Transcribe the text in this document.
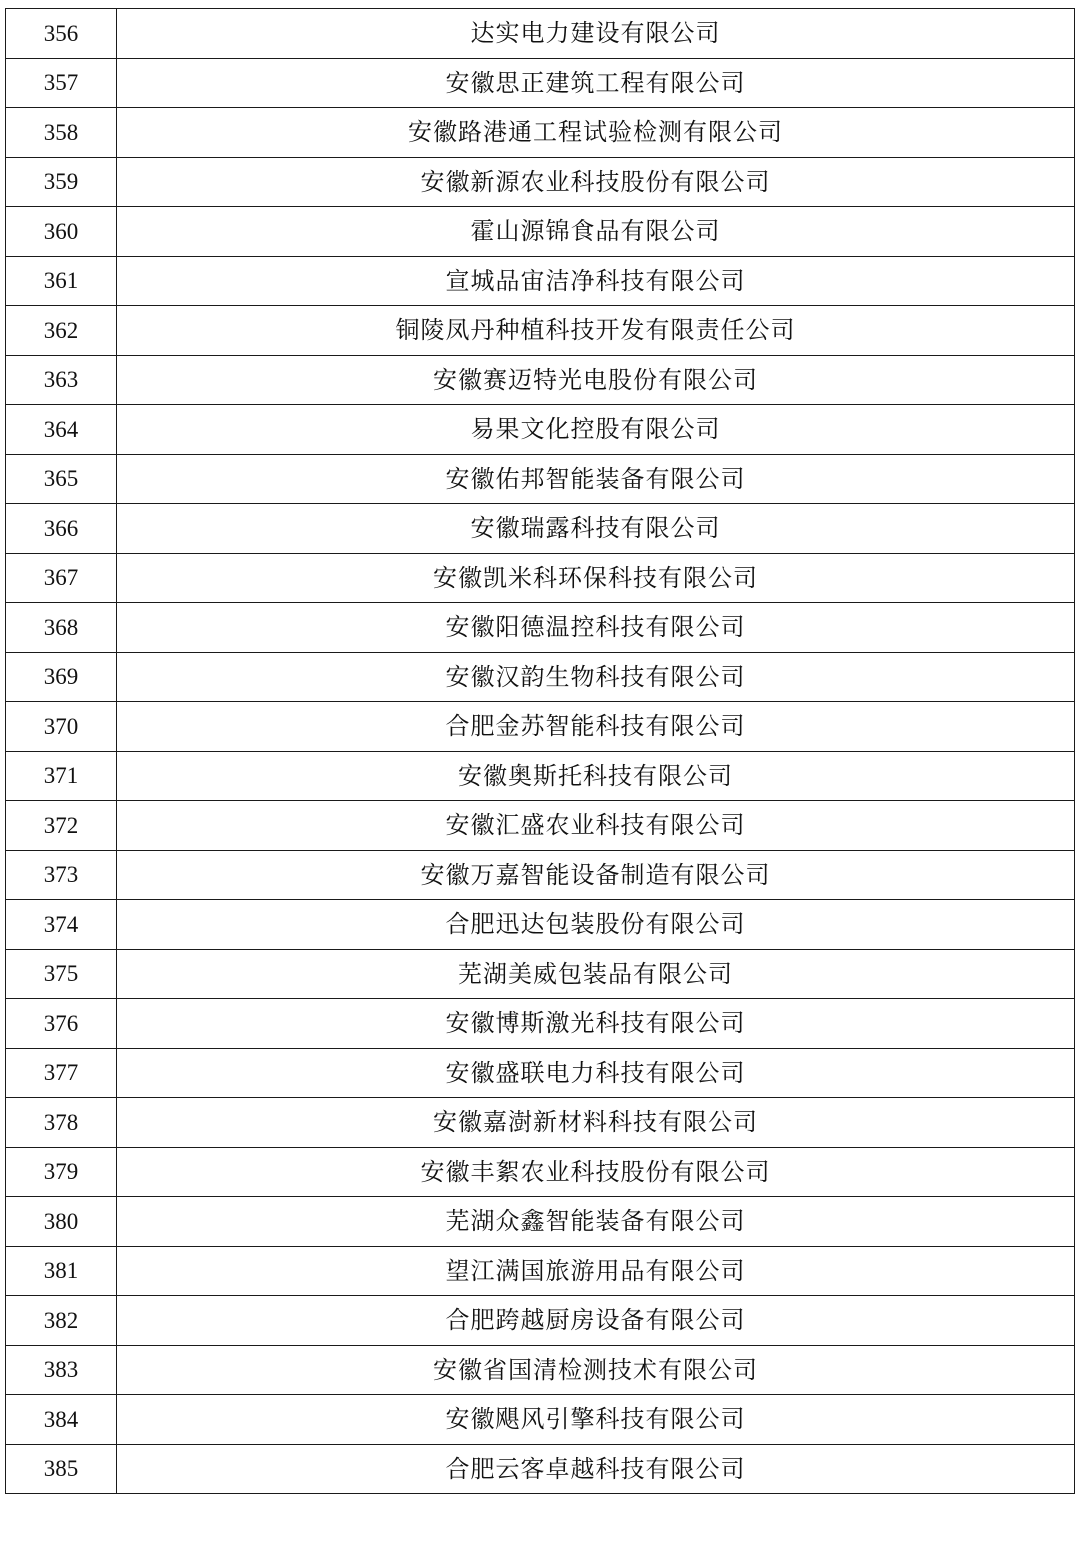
356	达实电力建设有限公司
357	安徽思正建筑工程有限公司
358	安徽路港通工程试验检测有限公司
359	安徽新源农业科技股份有限公司
360	霍山源锦食品有限公司
361	宣城品宙洁净科技有限公司
362	铜陵凤丹种植科技开发有限责任公司
363	安徽赛迈特光电股份有限公司
364	易果文化控股有限公司
365	安徽佑邦智能装备有限公司
366	安徽瑞露科技有限公司
367	安徽凯米科环保科技有限公司
368	安徽阳德温控科技有限公司
369	安徽汉韵生物科技有限公司
370	合肥金苏智能科技有限公司
371	安徽奥斯托科技有限公司
372	安徽汇盛农业科技有限公司
373	安徽万嘉智能设备制造有限公司
374	合肥迅达包装股份有限公司
375	芜湖美威包装品有限公司
376	安徽博斯激光科技有限公司
377	安徽盛联电力科技有限公司
378	安徽嘉澍新材料科技有限公司
379	安徽丰絮农业科技股份有限公司
380	芜湖众鑫智能装备有限公司
381	望江满国旅游用品有限公司
382	合肥跨越厨房设备有限公司
383	安徽省国清检测技术有限公司
384	安徽飓风引擎科技有限公司
385	合肥云客卓越科技有限公司
